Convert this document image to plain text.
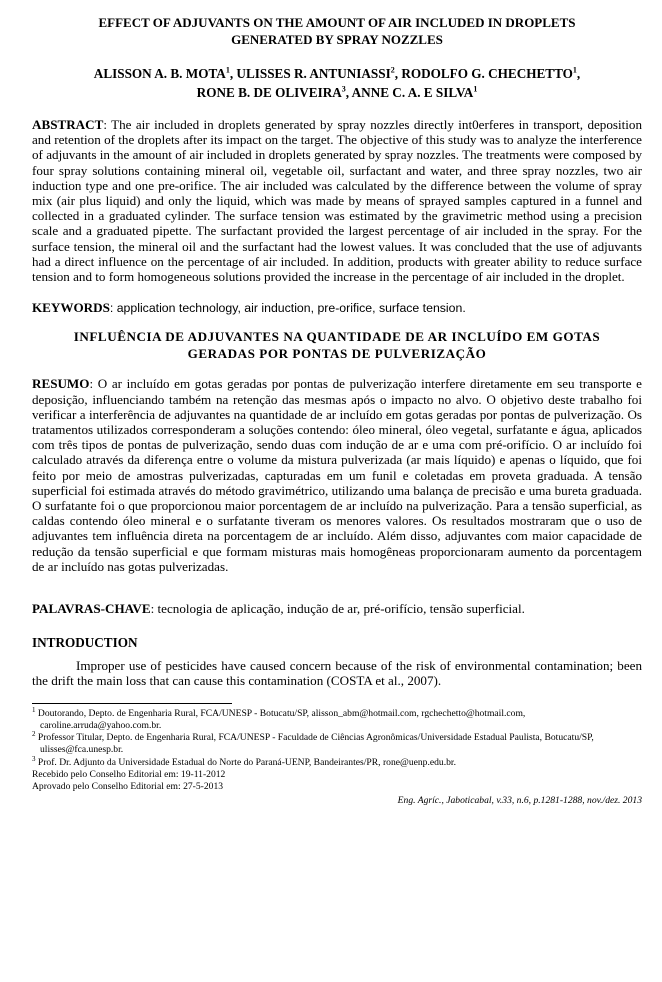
EFFECT OF ADJUVANTS ON THE AMOUNT OF AIR INCLUDED IN DROPLETS
GENERATED BY SPRAY NOZZLES
ALISSON A. B. MOTA$^1$, ULISSES R. ANTUNIASSI$^2$, RODOLFO G. CHECHETTO$^1$,
RONE B. DE OLIVEIRA$^3$, ANNE C. A. E SILVA$^1$

ABSTRACT: The air included in droplets generated by spray nozzles directly int0erferes in transport, deposition and retention of the droplets after its impact on the target. The objective of this study was to analyze the interference of adjuvants in the amount of air included in droplets generated by spray nozzles. The treatments were composed by four spray solutions containing mineral oil, vegetable oil, surfactant and water, and three spray nozzles, two air induction type and one pre-orifice. The air included was calculated by the difference between the volume of spray mix (air plus liquid) and only the liquid, which was made by means of sprayed samples captured in a funnel and collected in a graduated cylinder. The surface tension was estimated by the gravimetric method using a precision scale and a graduated pipette. The surfactant provided the largest percentage of air included in the spray. For the surface tension, the mineral oil and the surfactant had the lowest values. It was concluded that the use of adjuvants had a direct influence on the percentage of air included. In addition, products with greater ability to reduce surface tension and to form homogeneous solutions provided the increase in the percentage of air included in the droplet.

KEYWORDS: application technology, air induction, pre-orifice, surface tension.

INFLUÊNCIA DE ADJUVANTES NA QUANTIDADE DE AR INCLUÍDO EM GOTAS
GERADAS POR PONTAS DE PULVERIZAÇÃO

RESUMO: O ar incluído em gotas geradas por pontas de pulverização interfere diretamente em seu transporte e deposição, influenciando também na retenção das mesmas após o impacto no alvo. O objetivo deste trabalho foi verificar a interferência de adjuvantes na quantidade de ar incluído em gotas geradas por pontas de pulverização. Os tratamentos utilizados corresponderam a soluções contendo: óleo mineral, óleo vegetal, surfatante e água, aplicados com três tipos de pontas de pulverização, sendo duas com indução de ar e uma com pré-orifício. O ar incluído foi calculado através da diferença entre o volume da mistura pulverizada (ar mais líquido) e apenas o líquido, que foi feito por meio de amostras pulverizadas, capturadas em um funil e coletadas em proveta graduada. A tensão superficial foi estimada através do método gravimétrico, utilizando uma balança de precisão e uma bureta graduada. O surfatante foi o que proporcionou maior porcentagem de ar incluído na pulverização. Para a tensão superficial, as caldas contendo óleo mineral e o surfatante tiveram os menores valores. Os resultados mostraram que o uso de adjuvantes tem influência direta na porcentagem de ar incluído. Além disso, adjuvantes com maior capacidade de redução da tensão superficial e que formam misturas mais homogêneas proporcionaram aumento da porcentagem de ar incluído nas gotas pulverizadas.

PALAVRAS-CHAVE: tecnologia de aplicação, indução de ar, pré-orifício, tensão superficial.

INTRODUCTION

Improper use of pesticides have caused concern because of the risk of environmental contamination; been the drift the main loss that can cause this contamination (COSTA et al., 2007).

$^1$ Doutorando, Depto. de Engenharia Rural, FCA/UNESP - Botucatu/SP, alisson_abm@hotmail.com, rgchechetto@hotmail.com, caroline.arruda@yahoo.com.br.

$^2$ Professor Titular, Depto. de Engenharia Rural, FCA/UNESP - Faculdade de Ciências Agronômicas/Universidade Estadual Paulista, Botucatu/SP, ulisses@fca.unesp.br.

$^3$ Prof. Dr. Adjunto da Universidade Estadual do Norte do Paraná-UENP, Bandeirantes/PR, rone@uenp.edu.br.

Recebido pelo Conselho Editorial em: 19-11-2012

Aprovado pelo Conselho Editorial em: 27-5-2013

Eng. Agríc., Jaboticabal, v.33, n.6, p.1281-1288, nov./dez. 2013
